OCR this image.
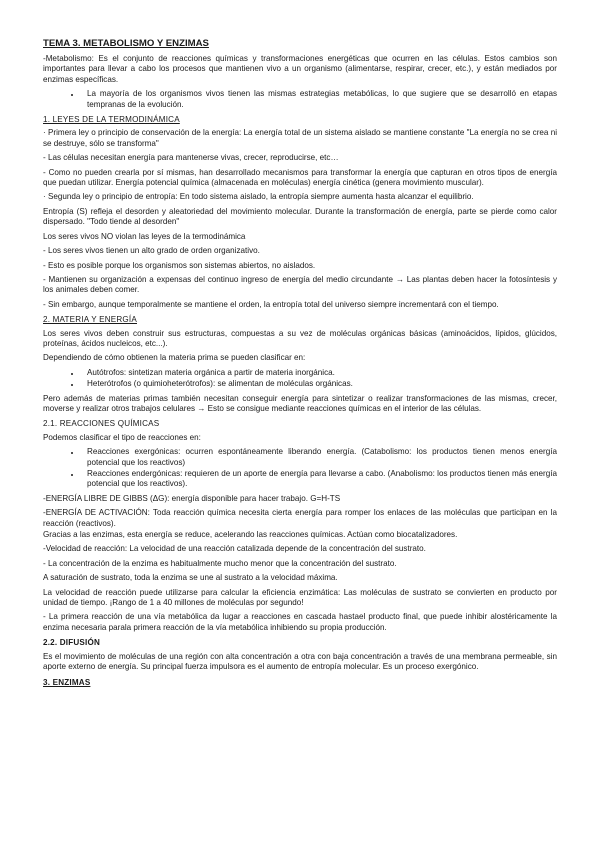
TEMA 3. METABOLISMO Y ENZIMAS

-Metabolismo: Es el conjunto de reacciones químicas y transformaciones energéticas que ocurren en las células. Estos cambios son importantes para llevar a cabo los procesos que mantienen vivo a un organismo (alimentarse, respirar, crecer, etc.), y están mediados por enzimas específicas.

• La mayoría de los organismos vivos tienen las mismas estrategias metabólicas, lo que sugiere que se desarrolló en etapas tempranas de la evolución.
1. LEYES DE LA TERMODINÁMICA

· Primera ley o principio de conservación de la energía: La energía total de un sistema aislado se mantiene constante "La energía no se crea ni se destruye, sólo se transforma"

- Las células necesitan energía para mantenerse vivas, crecer, reproducirse, etc…

- Como no pueden crearla por sí mismas, han desarrollado mecanismos para transformar la energía que capturan en otros tipos de energía que puedan utilizar. Energía potencial química (almacenada en moléculas) energía cinética (genera movimiento muscular).

· Segunda ley o principio de entropía: En todo sistema aislado, la entropía siempre aumenta hasta alcanzar el equilibrio.

Entropía (S) refleja el desorden y aleatoriedad del movimiento molecular. Durante la transformación de energía, parte se pierde como calor dispersado. "Todo tiende al desorden"

Los seres vivos NO violan las leyes de la termodinámica

- Los seres vivos tienen un alto grado de orden organizativo.

- Esto es posible porque los organismos son sistemas abiertos, no aislados.

- Mantienen su organización a expensas del continuo ingreso de energía del medio circundante → Las plantas deben hacer la fotosíntesis y los animales deben comer.

- Sin embargo, aunque temporalmente se mantiene el orden, la entropía total del universo siempre incrementará con el tiempo.

2. MATERIA Y ENERGÍA

Los seres vivos deben construir sus estructuras, compuestas a su vez de moléculas orgánicas básicas (aminoácidos, lípidos, glúcidos, proteínas, ácidos nucleicos, etc...).

Dependiendo de cómo obtienen la materia prima se pueden clasificar en:

• Autótrofos: sintetizan materia orgánica a partir de materia inorgánica.
• Heterótrofos (o quimioheterótrofos): se alimentan de moléculas orgánicas.

Pero además de materias primas también necesitan conseguir energía para sintetizar o realizar transformaciones de las mismas, crecer, moverse y realizar otros trabajos celulares → Esto se consigue mediante reacciones químicas en el interior de las células.

2.1. REACCIONES QUÍMICAS

Podemos clasificar el tipo de reacciones en:

• Reacciones exergónicas: ocurren espontáneamente liberando energía. (Catabolismo: los productos tienen menos energía potencial que los reactivos)
• Reacciones endergónicas: requieren de un aporte de energía para llevarse a cabo. (Anabolismo: los productos tienen más energía potencial que los reactivos).

-ENERGÍA LIBRE DE GIBBS (ΔG): energía disponible para hacer trabajo. G=H-TS

-ENERGÍA DE ACTIVACIÓN: Toda reacción química necesita cierta energía para romper los enlaces de las moléculas que participan en la reacción (reactivos).

Gracias a las enzimas, esta energía se reduce, acelerando las reacciones químicas. Actúan como biocatalizadores.

-Velocidad de reacción: La velocidad de una reacción catalizada depende de la concentración del sustrato.

- La concentración de la enzima es habitualmente mucho menor que la concentración del sustrato.

A saturación de sustrato, toda la enzima se une al sustrato a la velocidad máxima.

La velocidad de reacción puede utilizarse para calcular la eficiencia enzimática: Las moléculas de sustrato se convierten en producto por unidad de tiempo. ¡Rango de 1 a 40 millones de moléculas por segundo!

- La primera reacción de una vía metabólica da lugar a reacciones en cascada hastael producto final, que puede inhibir alostéricamente la enzima necesaria parala primera reacción de la vía metabólica inhibiendo su propia producción.

2.2. DIFUSIÓN

Es el movimiento de moléculas de una región con alta concentración a otra con baja concentración a través de una membrana permeable, sin aporte externo de energía. Su principal fuerza impulsora es el aumento de entropía molecular. Es un proceso exergónico.

3. ENZIMAS
